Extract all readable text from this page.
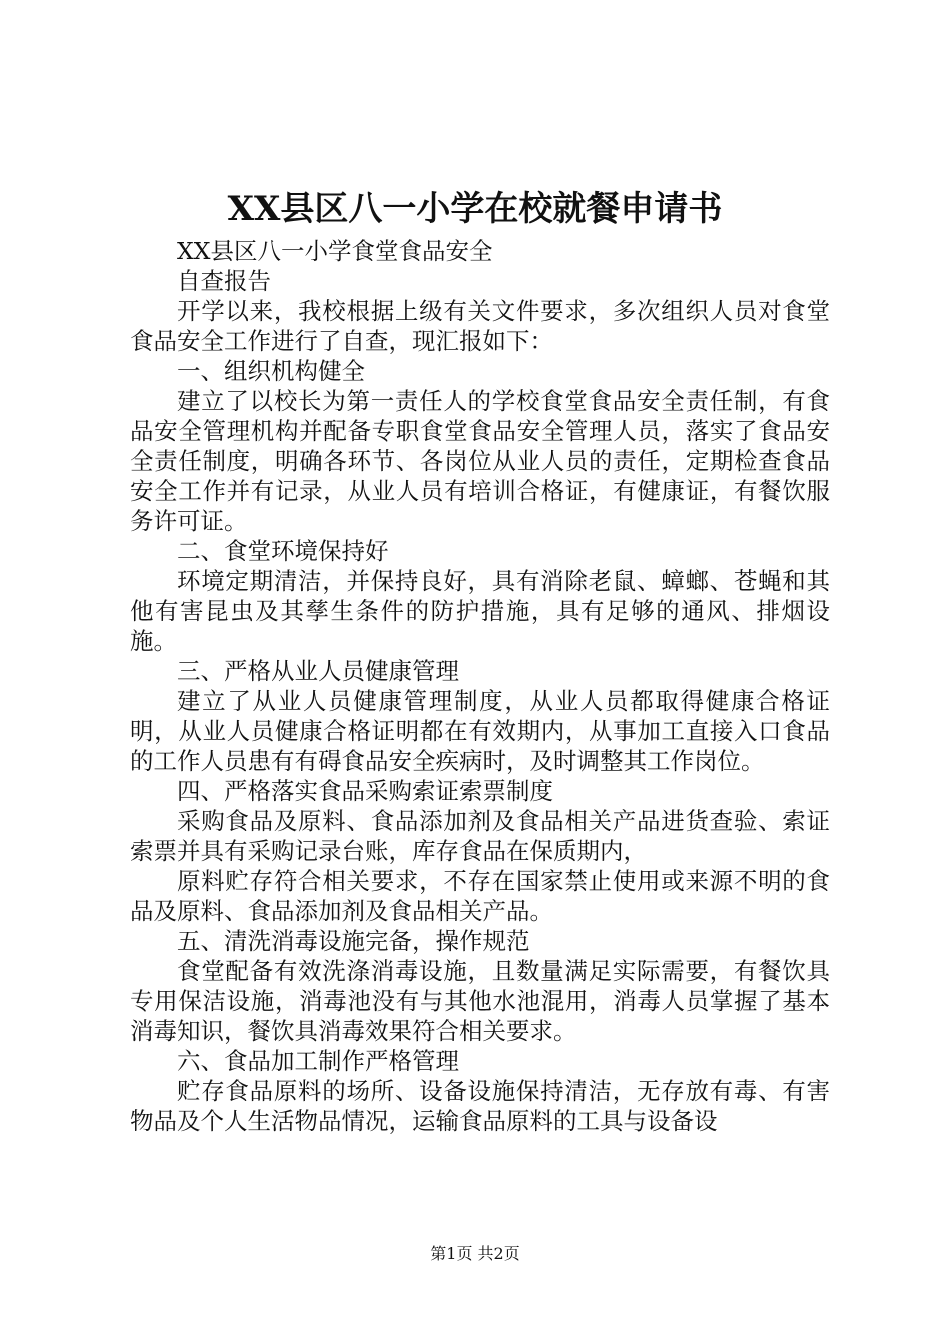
XX县区八一小学在校就餐申请书

XX县区八一小学食堂食品安全

自查报告

开学以来，我校根据上级有关文件要求，多次组织人员对食堂食品安全工作进行了自查，现汇报如下：

一、组织机构健全

建立了以校长为第一责任人的学校食堂食品安全责任制，有食品安全管理机构并配备专职食堂食品安全管理人员，落实了食品安全责任制度，明确各环节、各岗位从业人员的责任，定期检查食品安全工作并有记录，从业人员有培训合格证，有健康证，有餐饮服务许可证。

二、食堂环境保持好

环境定期清洁，并保持良好，具有消除老鼠、蟑螂、苍蝇和其他有害昆虫及其孳生条件的防护措施，具有足够的通风、排烟设施。

三、严格从业人员健康管理

建立了从业人员健康管理制度，从业人员都取得健康合格证明，从业人员健康合格证明都在有效期内，从事加工直接入口食品的工作人员患有有碍食品安全疾病时，及时调整其工作岗位。

四、严格落实食品采购索证索票制度

采购食品及原料、食品添加剂及食品相关产品进货查验、索证索票并具有采购记录台账，库存食品在保质期内，

原料贮存符合相关要求，不存在国家禁止使用或来源不明的食品及原料、食品添加剂及食品相关产品。

五、清洗消毒设施完备，操作规范

食堂配备有效洗涤消毒设施，且数量满足实际需要，有餐饮具专用保洁设施，消毒池没有与其他水池混用，消毒人员掌握了基本消毒知识，餐饮具消毒效果符合相关要求。

六、食品加工制作严格管理

贮存食品原料的场所、设备设施保持清洁，无存放有毒、有害物品及个人生活物品情况，运输食品原料的工具与设备设

第1页 共2页
